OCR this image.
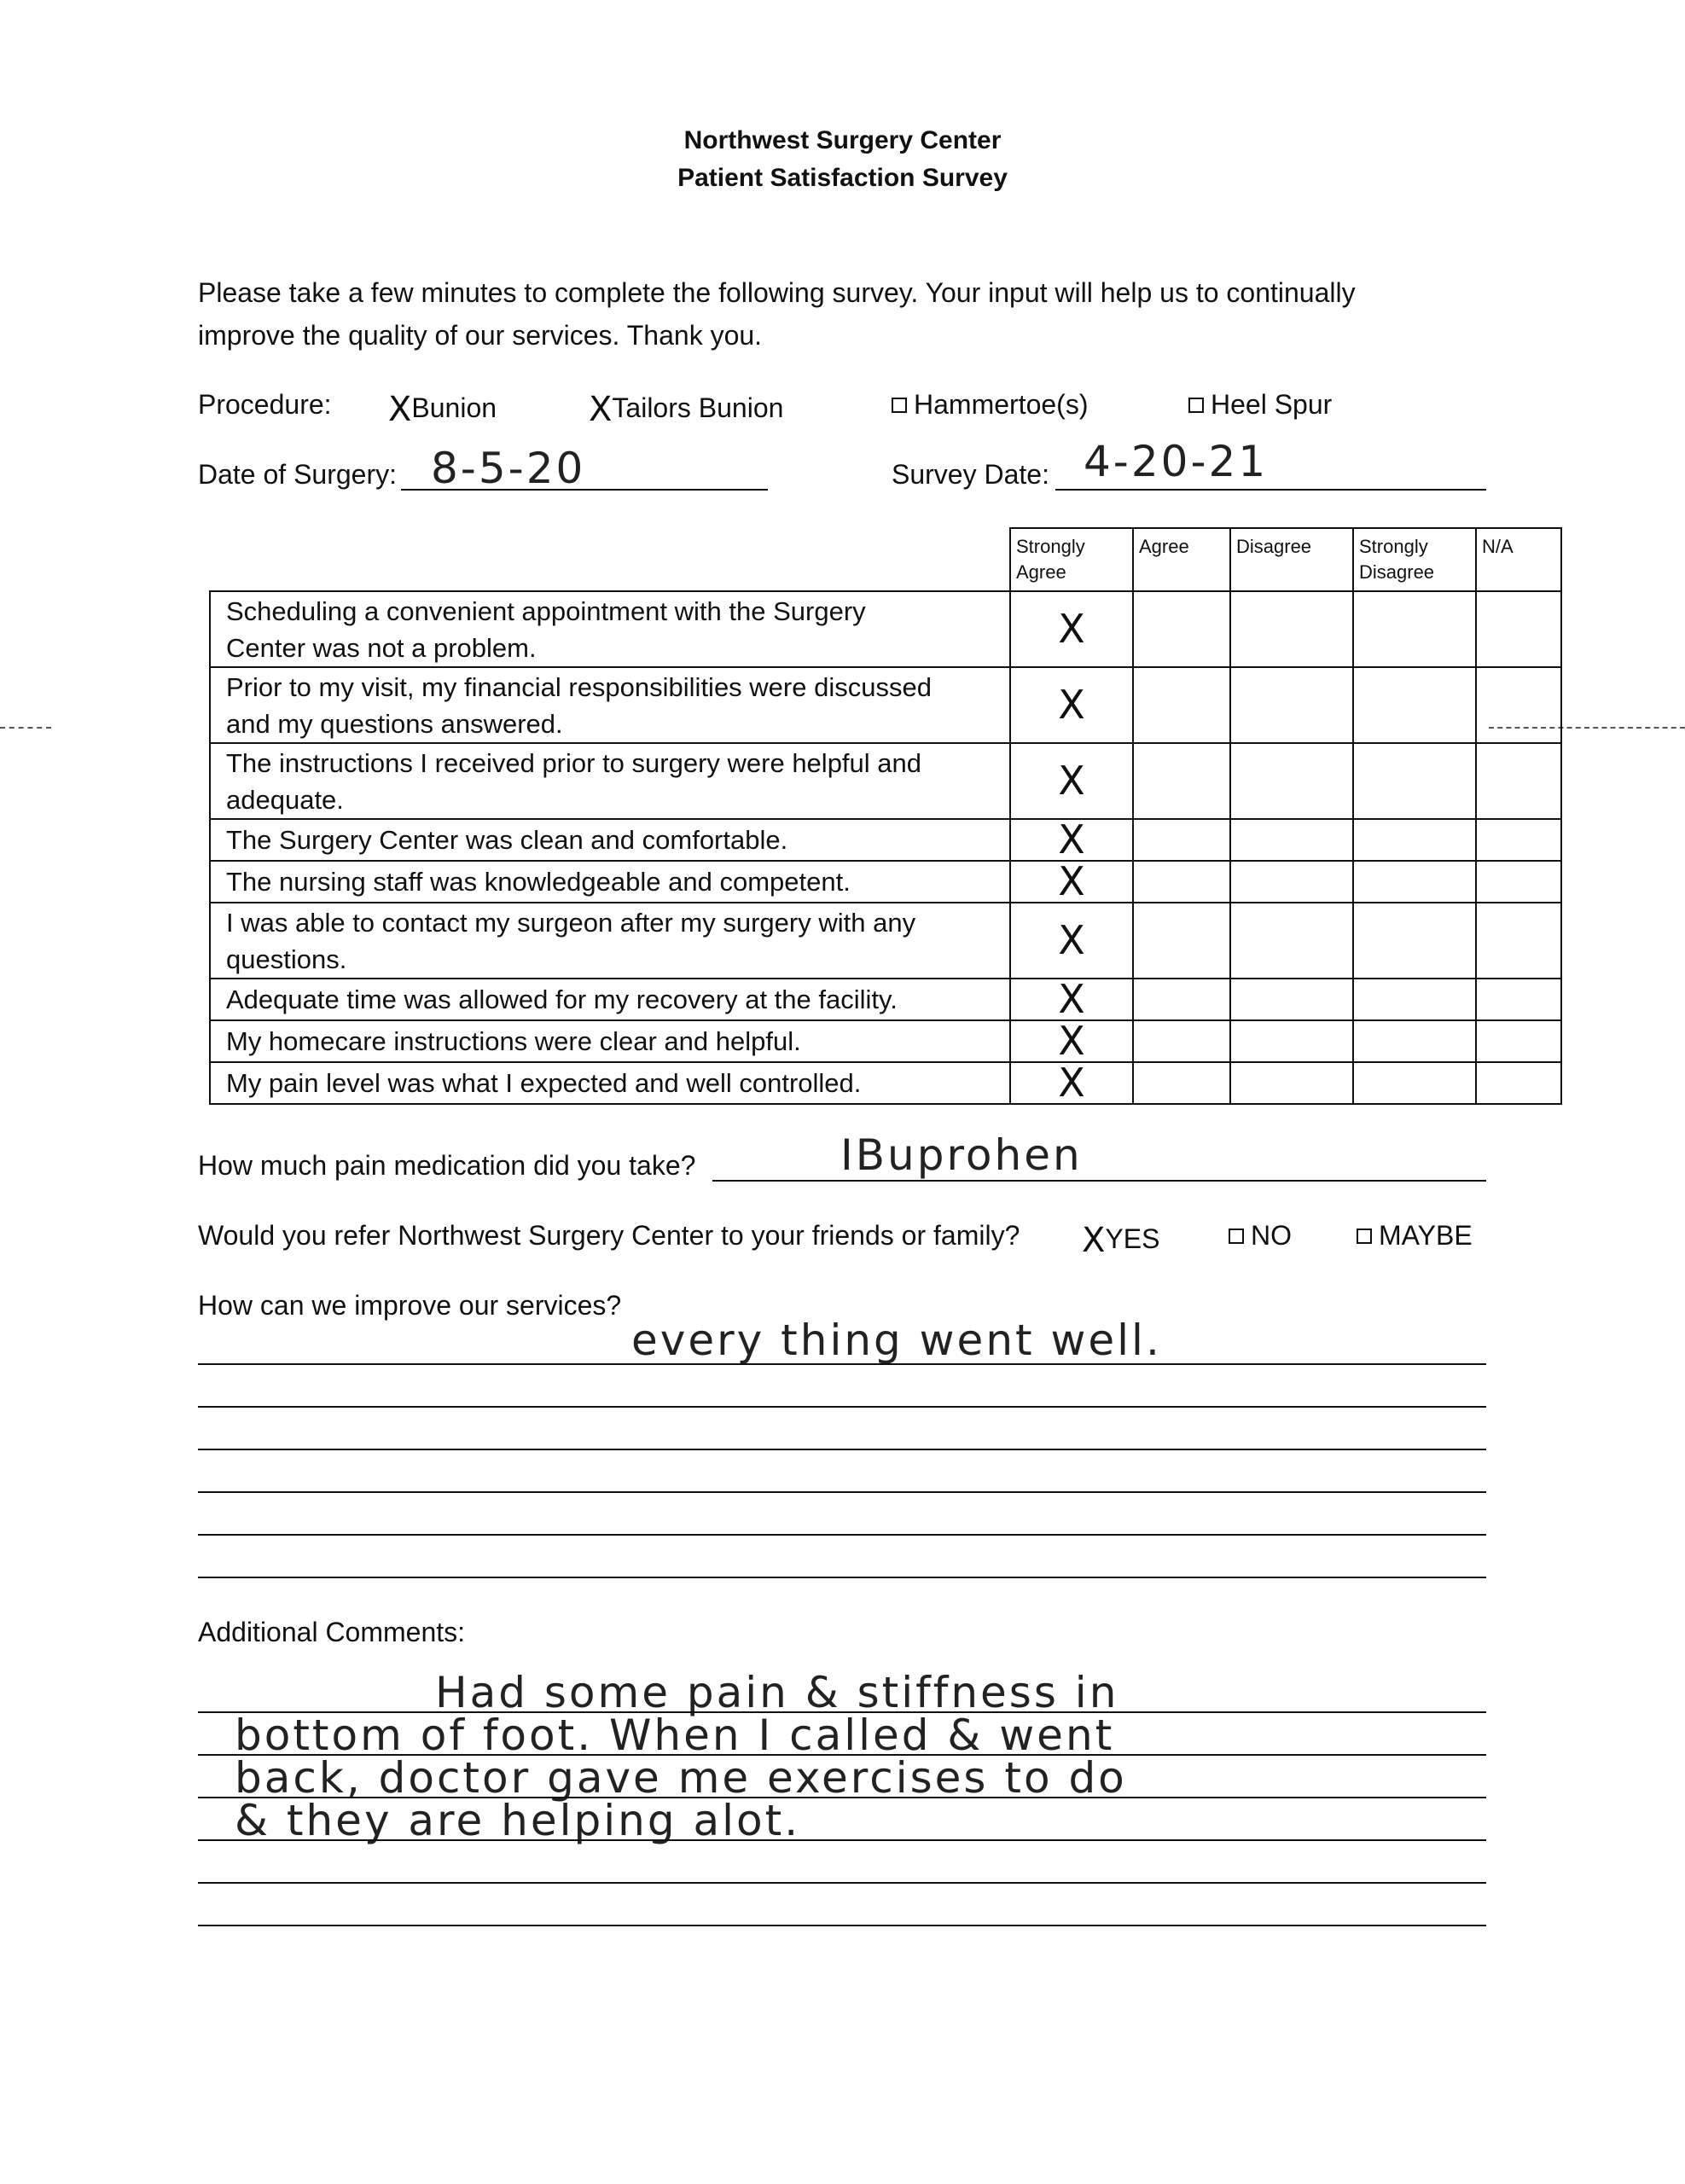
Northwest Surgery Center
Patient Satisfaction Survey
Please take a few minutes to complete the following survey. Your input will help us to continually
improve the quality of our services. Thank you.
Procedure: XBunion	XTailors Bunion	Hammertoe(s)	Heel Spur
Date of Surgery: 8-5-20	Survey Date: 4-20-21
	Strongly Agree	Agree	Disagree	Strongly Disagree	N/A

Scheduling a convenient appointment with the Surgery
Center was not a problem.	X				

Prior to my visit, my financial responsibilities were discussed
and my questions answered.	X				

The instructions I received prior to surgery were helpful and
adequate.	X				

The Surgery Center was clean and comfortable.	X				

The nursing staff was knowledgeable and competent.	X				

I was able to contact my surgeon after my surgery with any
questions.	X				

Adequate time was allowed for my recovery at the facility.	X				

My homecare instructions were clear and helpful.	X				

My pain level was what I expected and well controlled.	X				
How much pain medication did you take?	IBuprohen
Would you refer Northwest Surgery Center to your friends or family? XYES	NO	MAYBE
How can we improve our services?
every thing went well.
Additional Comments:
Had some pain & stiffness in
bottom of foot. When I called & went
back, doctor gave me exercises to do
& they are helping alot.
